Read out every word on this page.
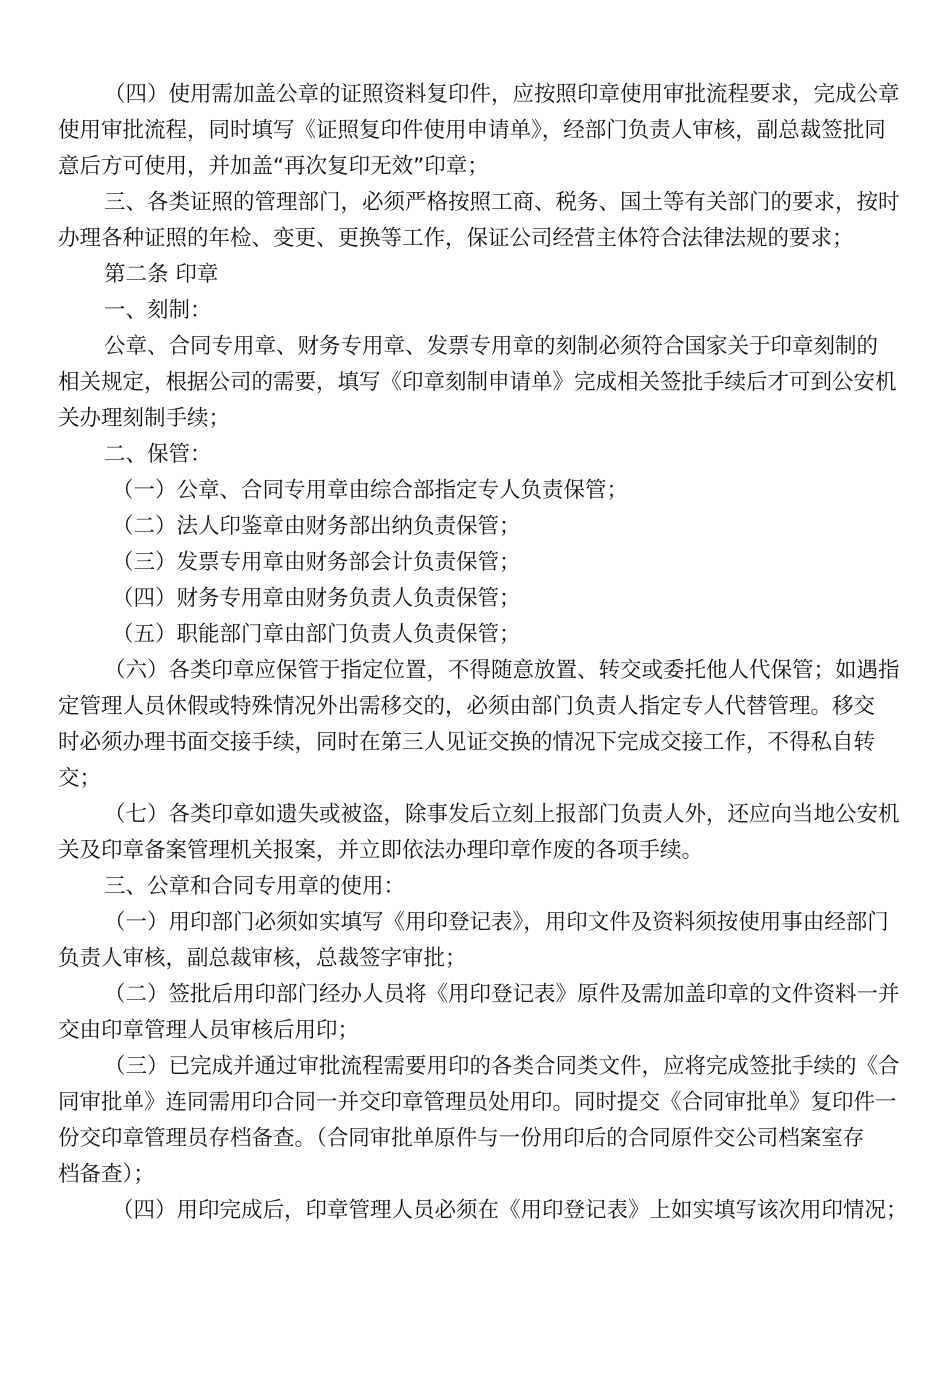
（四）使用需加盖公章的证照资料复印件，应按照印章使用审批流程要求，完成公章
使用审批流程，同时填写《证照复印件使用申请单》，经部门负责人审核，副总裁签批同
意后方可使用，并加盖“再次复印无效”印章；
三、各类证照的管理部门，必须严格按照工商、税务、国土等有关部门的要求，按时
办理各种证照的年检、变更、更换等工作，保证公司经营主体符合法律法规的要求；
第二条 印章
一、刻制：
公章、合同专用章、财务专用章、发票专用章的刻制必须符合国家关于印章刻制的
相关规定，根据公司的需要，填写《印章刻制申请单》完成相关签批手续后才可到公安机
关办理刻制手续；
二、保管：
（一）公章、合同专用章由综合部指定专人负责保管；
（二）法人印鉴章由财务部出纳负责保管；
（三）发票专用章由财务部会计负责保管；
（四）财务专用章由财务负责人负责保管；
（五）职能部门章由部门负责人负责保管；
（六）各类印章应保管于指定位置，不得随意放置、转交或委托他人代保管；如遇指
定管理人员休假或特殊情况外出需移交的，必须由部门负责人指定专人代替管理。移交
时必须办理书面交接手续，同时在第三人见证交换的情况下完成交接工作，不得私自转
交；
（七）各类印章如遗失或被盗，除事发后立刻上报部门负责人外，还应向当地公安机
关及印章备案管理机关报案，并立即依法办理印章作废的各项手续。
三、公章和合同专用章的使用：
（一）用印部门必须如实填写《用印登记表》，用印文件及资料须按使用事由经部门
负责人审核，副总裁审核，总裁签字审批；
（二）签批后用印部门经办人员将《用印登记表》原件及需加盖印章的文件资料一并
交由印章管理人员审核后用印；
（三）已完成并通过审批流程需要用印的各类合同类文件，应将完成签批手续的《合
同审批单》连同需用印合同一并交印章管理员处用印。同时提交《合同审批单》复印件一
份交印章管理员存档备查。（合同审批单原件与一份用印后的合同原件交公司档案室存
档备查）；
（四）用印完成后，印章管理人员必须在《用印登记表》上如实填写该次用印情况；
